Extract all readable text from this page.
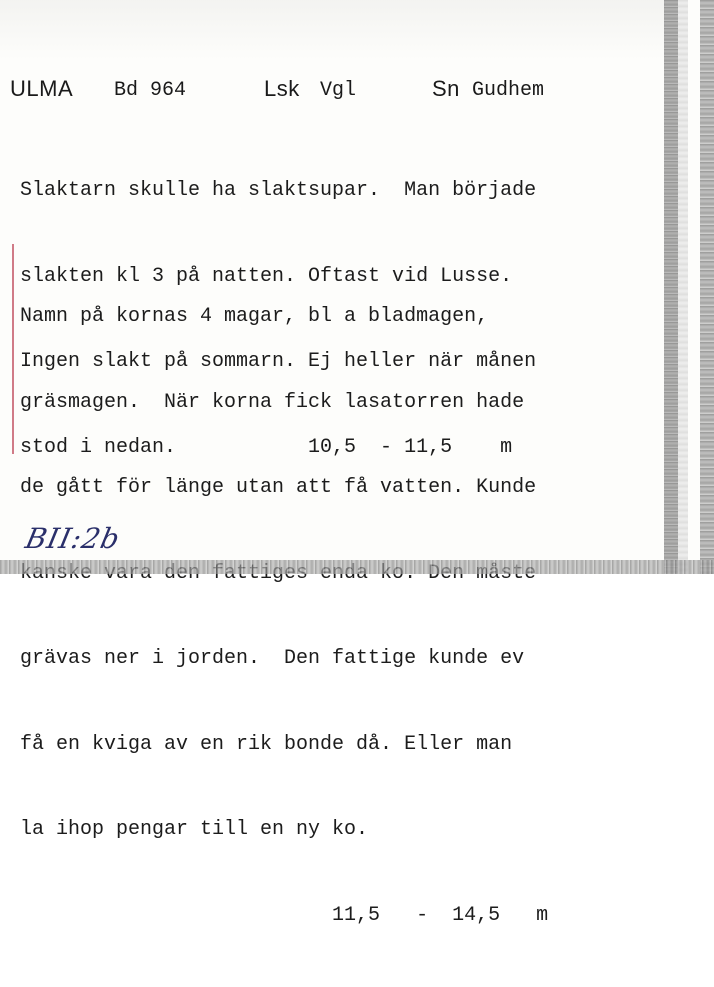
ULMA Bd 964	Lsk Vgl	Sn Gudhem

Slaktarn skulle ha slaktsupar.  Man började

slakten kl 3 på natten. Oftast vid Lusse.

Ingen slakt på sommarn. Ej heller när månen

stod i nedan.           10,5  - 11,5    m

Namn på kornas 4 magar, bl a bladmagen,

gräsmagen.  När korna fick lasatorren hade

de gått för länge utan att få vatten. Kunde

grävas ner i jorden.  Den fattige kunde ev

få en kviga av en rik bonde då. Eller man

la ihop pengar till en ny ko.

11,5   -  14,5   m

BII:2b
